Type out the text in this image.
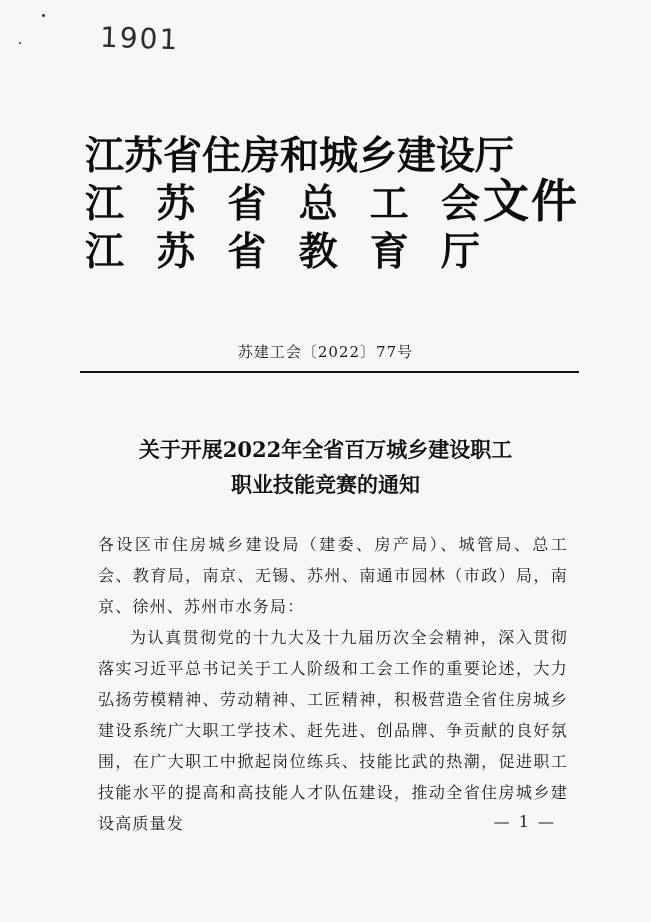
1901
江苏省住房和城乡建设厅
江 苏 省 总 工 会
江 苏 省 教 育 厅
文件
苏建工会〔2022〕77号
关于开展2022年全省百万城乡建设职工
职业技能竞赛的通知

各设区市住房城乡建设局（建委、房产局）、城管局、总工会、教育局，南京、无锡、苏州、南通市园林（市政）局，南京、徐州、苏州市水务局：

为认真贯彻党的十九大及十九届历次全会精神，深入贯彻落实习近平总书记关于工人阶级和工会工作的重要论述，大力弘扬劳模精神、劳动精神、工匠精神，积极营造全省住房城乡建设系统广大职工学技术、赶先进、创品牌、争贡献的良好氛围，在广大职工中掀起岗位练兵、技能比武的热潮，促进职工技能水平的提高和高技能人才队伍建设，推动全省住房城乡建设高质量发	— 1 —
